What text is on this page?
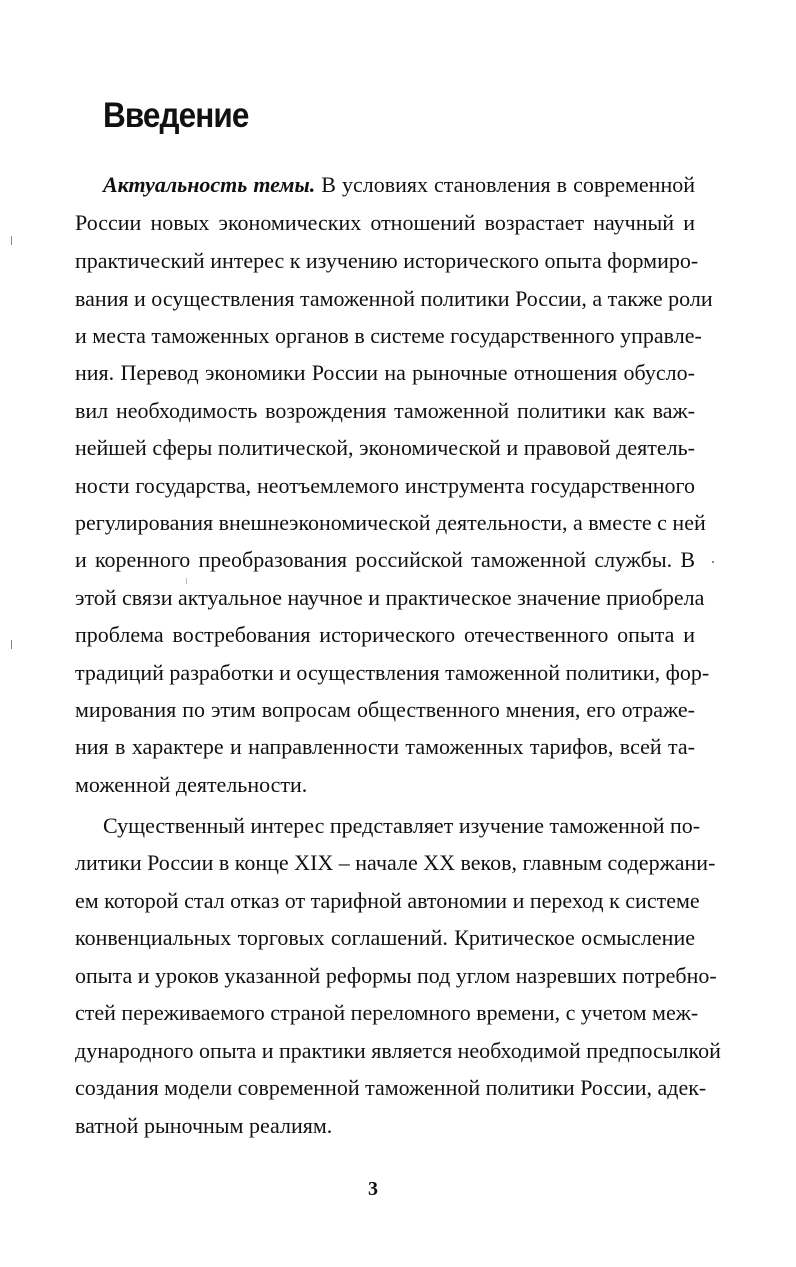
Введение
Актуальность темы. В условиях становления в современной
России новых экономических отношений возрастает научный и
практический интерес к изучению исторического опыта формиро-
вания и осуществления таможенной политики России, а также роли
и места таможенных органов в системе государственного управле-
ния. Перевод экономики России на рыночные отношения обусло-
вил необходимость возрождения таможенной политики как важ-
нейшей сферы политической, экономической и правовой деятель-
ности государства, неотъемлемого инструмента государственного
регулирования внешнеэкономической деятельности, а вместе с ней
и коренного преобразования российской таможенной службы. В
этой связи актуальное научное и практическое значение приобрела
проблема востребования исторического отечественного опыта и
традиций разработки и осуществления таможенной политики, фор-
мирования по этим вопросам общественного мнения, его отраже-
ния в характере и направленности таможенных тарифов, всей та-
моженной деятельности.
Существенный интерес представляет изучение таможенной по-
литики России в конце XIX – начале XX веков, главным содержани-
ем которой стал отказ от тарифной автономии и переход к системе
конвенциальных торговых соглашений. Критическое осмысление
опыта и уроков указанной реформы под углом назревших потребно-
стей переживаемого страной переломного времени, с учетом меж-
дународного опыта и практики является необходимой предпосылкой
создания модели современной таможенной политики России, адек-
ватной рыночным реалиям.
3
